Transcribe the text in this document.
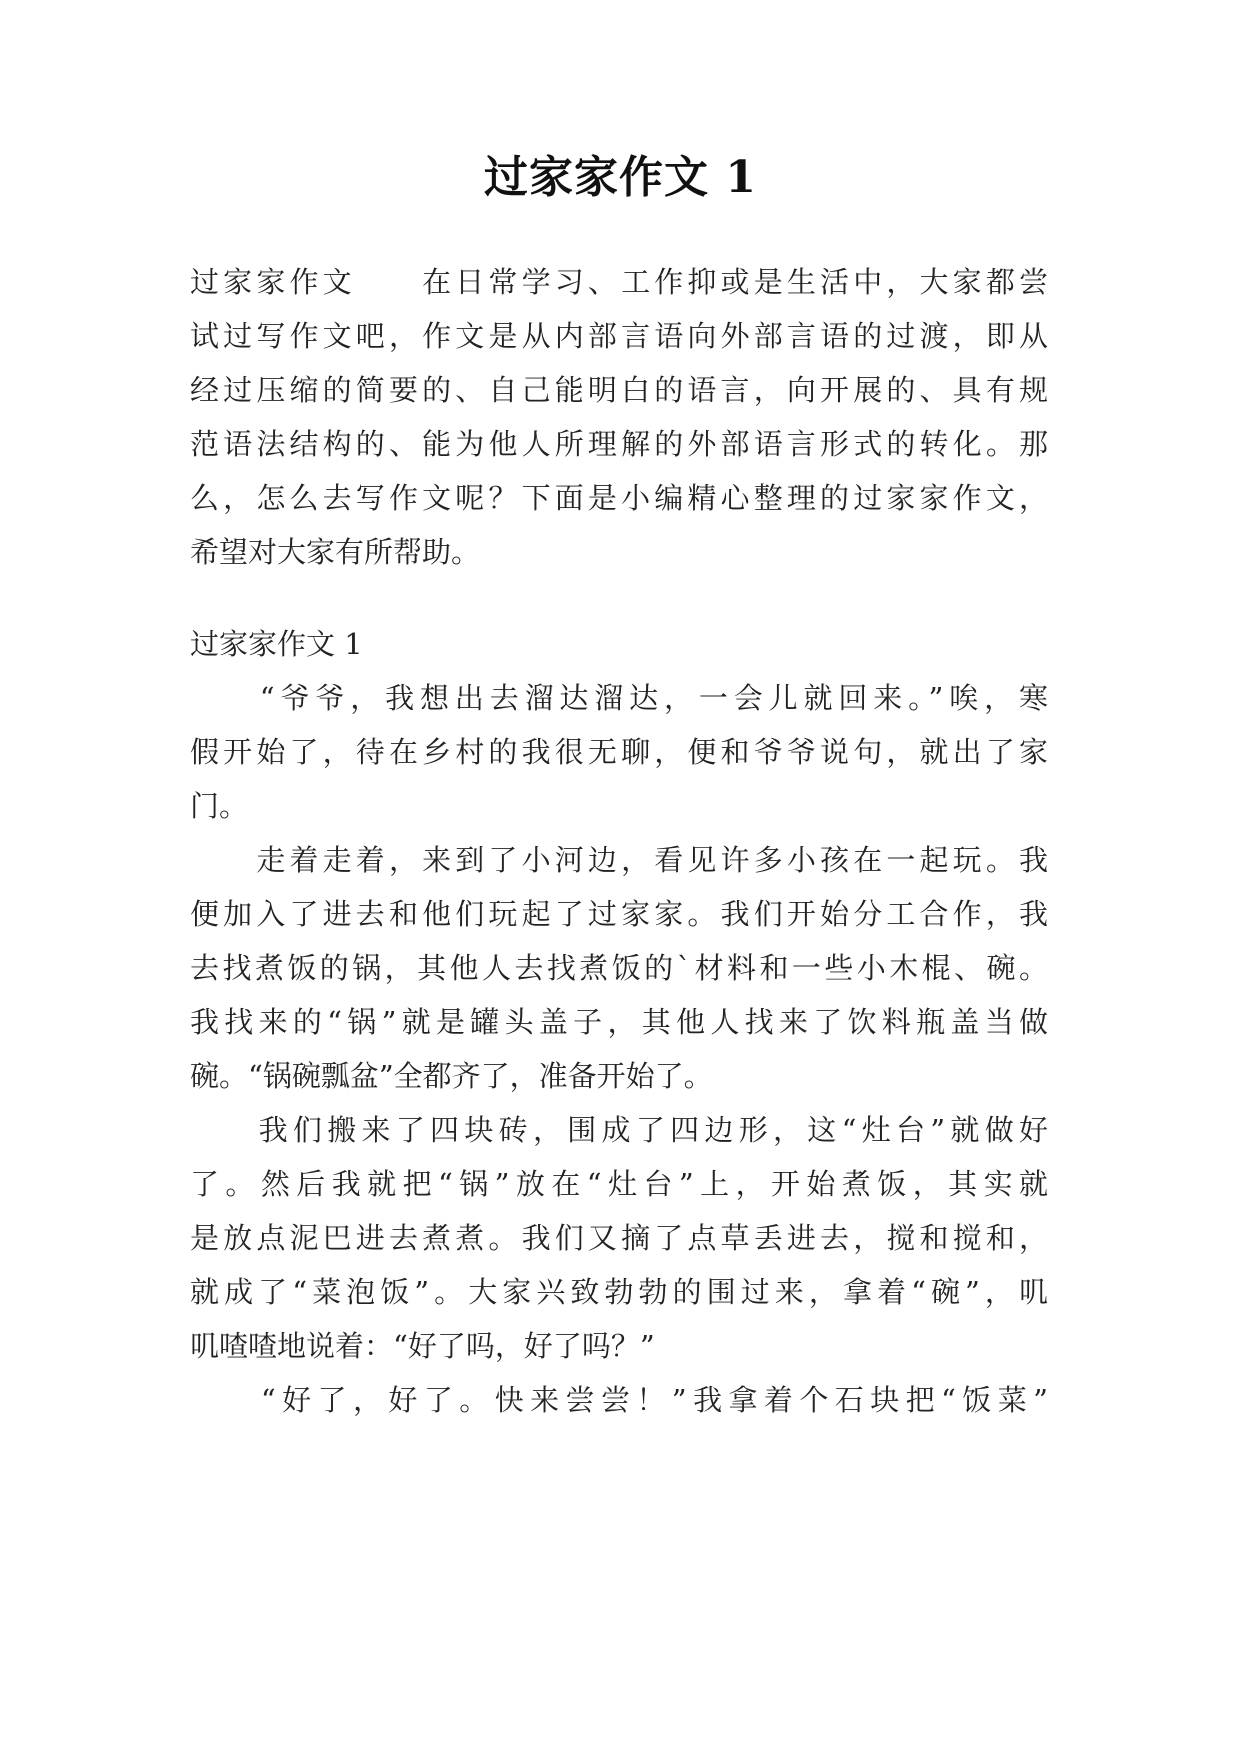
过家家作文 1
过家家作文　　在日常学习、工作抑或是生活中，大家都尝
试过写作文吧，作文是从内部言语向外部言语的过渡，即从
经过压缩的简要的、自己能明白的语言，向开展的、具有规
范语法结构的、能为他人所理解的外部语言形式的转化。那
么，怎么去写作文呢？下面是小编精心整理的过家家作文，
希望对大家有所帮助。
过家家作文 1
　　“爷爷，我想出去溜达溜达，一会儿就回来。”唉，寒
假开始了，待在乡村的我很无聊，便和爷爷说句，就出了家
门。
　　走着走着，来到了小河边，看见许多小孩在一起玩。我
便加入了进去和他们玩起了过家家。我们开始分工合作，我
去找煮饭的锅，其他人去找煮饭的`材料和一些小木棍、碗。
我找来的“锅”就是罐头盖子，其他人找来了饮料瓶盖当做
碗。“锅碗瓢盆”全都齐了，准备开始了。
　　我们搬来了四块砖，围成了四边形，这“灶台”就做好
了。然后我就把“锅”放在“灶台”上，开始煮饭，其实就
是放点泥巴进去煮煮。我们又摘了点草丢进去，搅和搅和，
就成了“菜泡饭”。大家兴致勃勃的围过来，拿着“碗”，叽
叽喳喳地说着：“好了吗，好了吗？”
　　“好了，好了。快来尝尝！”我拿着个石块把“饭菜”
